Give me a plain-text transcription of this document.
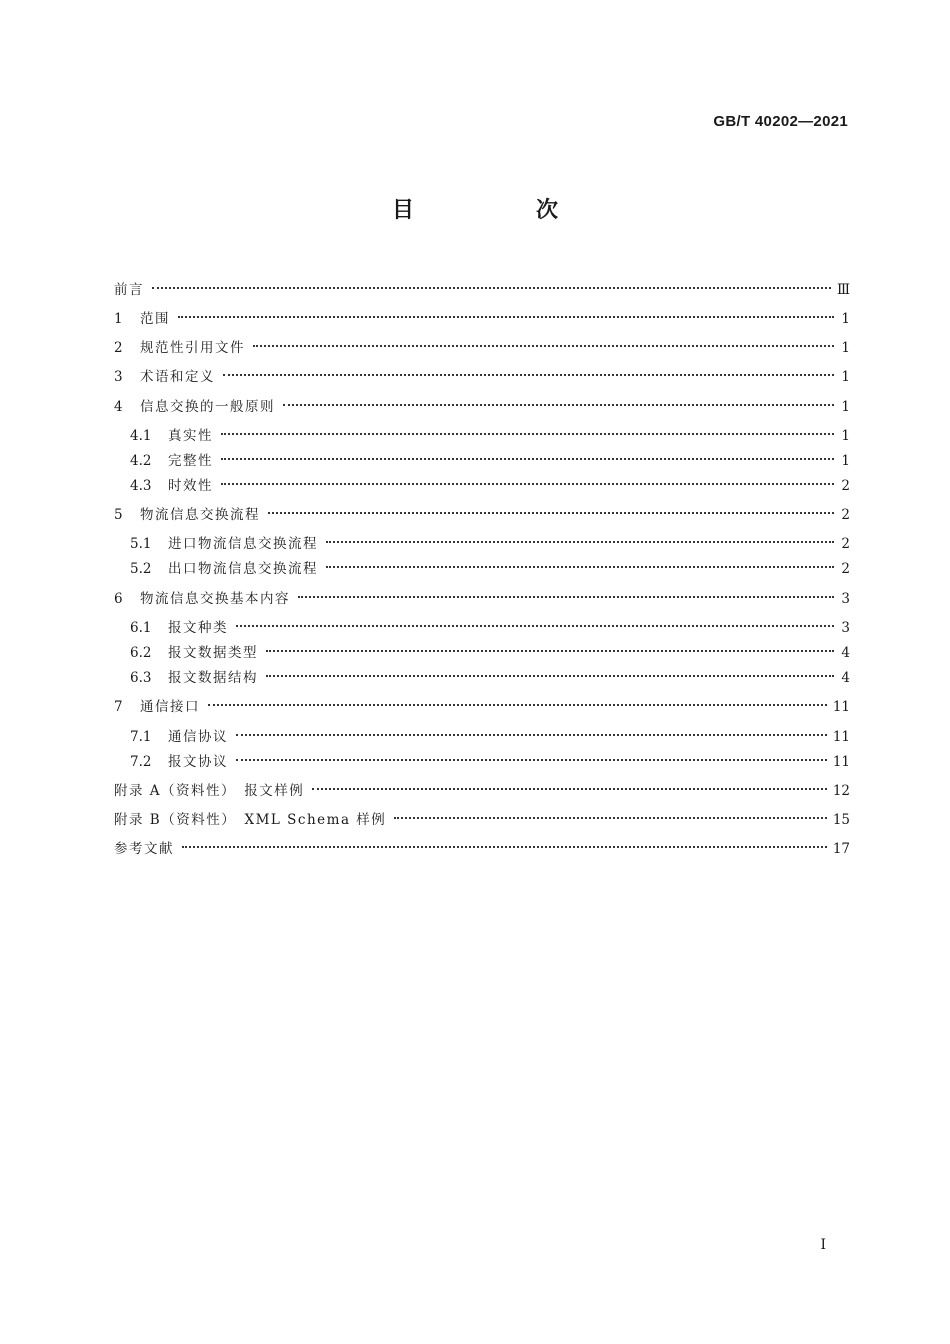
GB/T 40202—2021
目　次
前言	Ⅲ
1	范围	1
2	规范性引用文件	1
3	术语和定义	1
4	信息交换的一般原则	1
4.1	真实性	1
4.2	完整性	1
4.3	时效性	2
5	物流信息交换流程	2
5.1	进口物流信息交换流程	2
5.2	出口物流信息交换流程	2
6	物流信息交换基本内容	3
6.1	报文种类	3
6.2	报文数据类型	4
6.3	报文数据结构	4
7	通信接口	11
7.1	通信协议	11
7.2	报文协议	11
附录 A（资料性）　报文样例	12
附录 B（资料性）　XML Schema 样例	15
参考文献	17
Ⅰ
